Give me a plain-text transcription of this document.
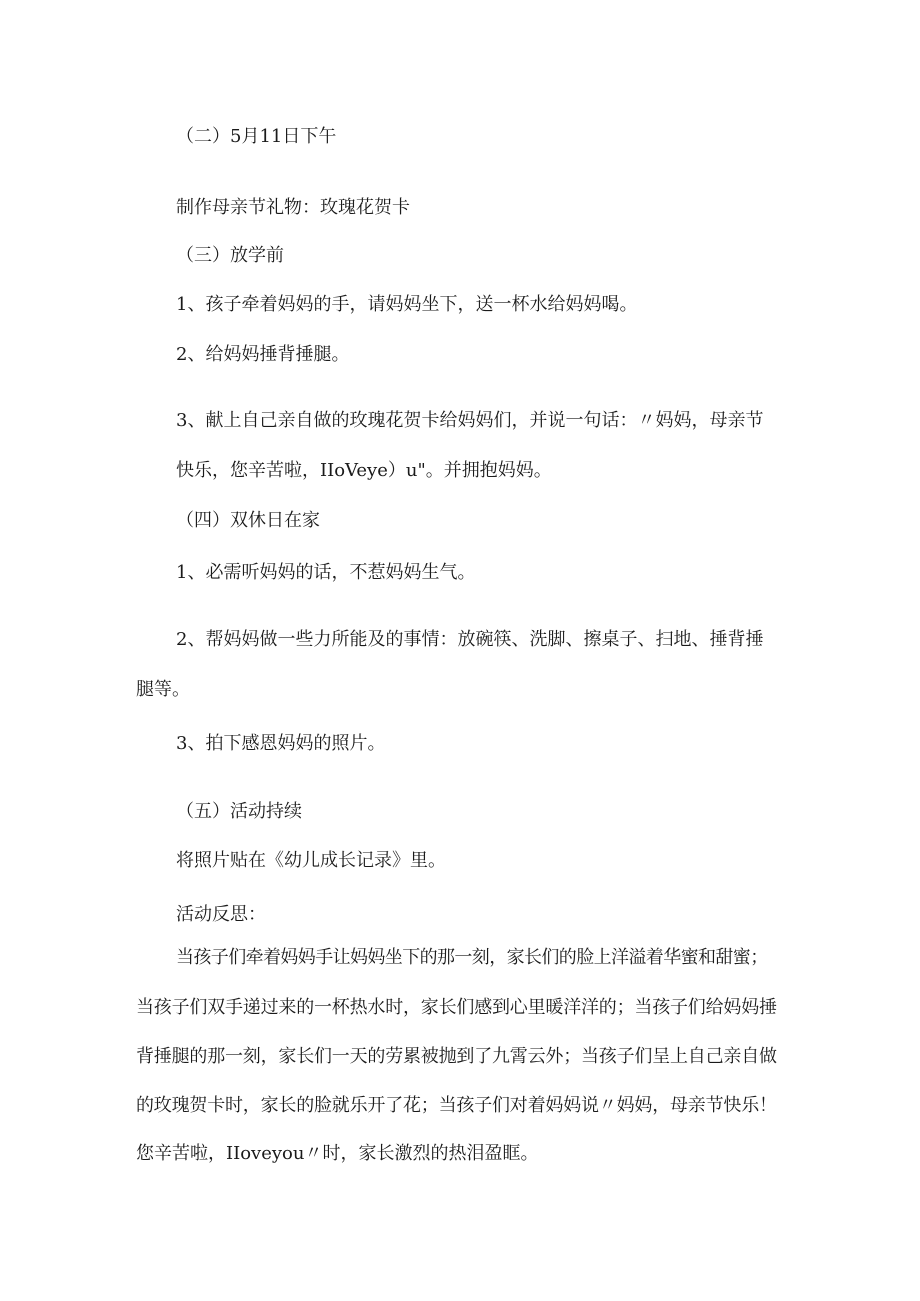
（二）5月11日下午
制作母亲节礼物：玫瑰花贺卡
（三）放学前
1、孩子牵着妈妈的手，请妈妈坐下，送一杯水给妈妈喝。
2、给妈妈捶背捶腿。
3、献上自己亲自做的玫瑰花贺卡给妈妈们，并说一句话：〃妈妈，母亲节
快乐，您辛苦啦，IIoVeye）u"。并拥抱妈妈。
（四）双休日在家
1、必需听妈妈的话，不惹妈妈生气。
2、帮妈妈做一些力所能及的事情：放碗筷、洗脚、擦桌子、扫地、捶背捶
腿等。
3、拍下感恩妈妈的照片。
（五）活动持续
将照片贴在《幼儿成长记录》里。
活动反思：
当孩子们牵着妈妈手让妈妈坐下的那一刻，家长们的脸上洋溢着华蜜和甜蜜；
当孩子们双手递过来的一杯热水时，家长们感到心里暖洋洋的；当孩子们给妈妈捶
背捶腿的那一刻，家长们一天的劳累被抛到了九霄云外；当孩子们呈上自己亲自做
的玫瑰贺卡时，家长的脸就乐开了花；当孩子们对着妈妈说〃妈妈，母亲节快乐！
您辛苦啦，IIoveyou〃时，家长激烈的热泪盈眶。
